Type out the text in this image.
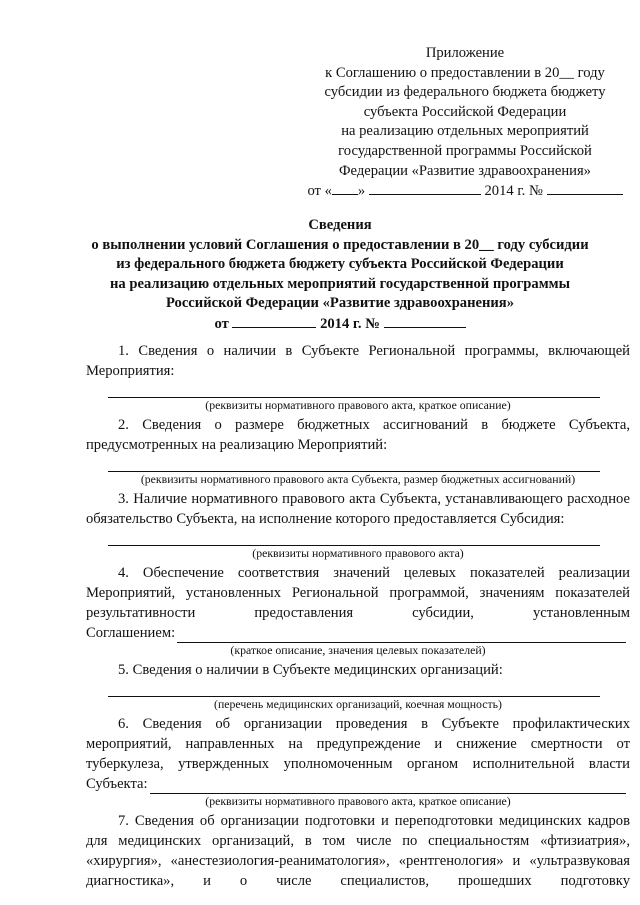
Приложение
к Соглашению о предоставлении в 20__ году
субсидии из федерального бюджета бюджету
субъекта Российской Федерации
на реализацию отдельных мероприятий
государственной программы Российской
Федерации «Развитие здравоохранения»
от « »	2014 г. №
Сведения
о выполнении условий Соглашения о предоставлении в 20__ году субсидии
из федерального бюджета бюджету субъекта Российской Федерации
на реализацию отдельных мероприятий государственной программы
Российской Федерации «Развитие здравоохранения»
от	2014 г. №
1. Сведения о наличии в Субъекте Региональной программы, включающей Мероприятия:
(реквизиты нормативного правового акта, краткое описание)
2. Сведения о размере бюджетных ассигнований в бюджете Субъекта, предусмотренных на реализацию Мероприятий:
(реквизиты нормативного правового акта Субъекта, размер бюджетных ассигнований)
3. Наличие нормативного правового акта Субъекта, устанавливающего расходное обязательство Субъекта, на исполнение которого предоставляется Субсидия:
(реквизиты нормативного правового акта)
4. Обеспечение соответствия значений целевых показателей реализации Мероприятий, установленных Региональной программой, значениям показателей результативности предоставления субсидии, установленным
Соглашением:
(краткое описание, значения целевых показателей)
5. Сведения о наличии в Субъекте медицинских организаций:
(перечень медицинских организаций, коечная мощность)
6. Сведения об организации проведения в Субъекте профилактических мероприятий, направленных на предупреждение и снижение смертности от туберкулеза, утвержденных уполномоченным органом исполнительной власти
Субъекта:
(реквизиты нормативного правового акта, краткое описание)
7. Сведения об организации подготовки и переподготовки медицинских кадров для медицинских организаций, в том числе по специальностям «фтизиатрия», «хирургия», «анестезиология-реаниматология», «рентгенология» и «ультразвуковая диагностика», и о числе специалистов, прошедших подготовку
